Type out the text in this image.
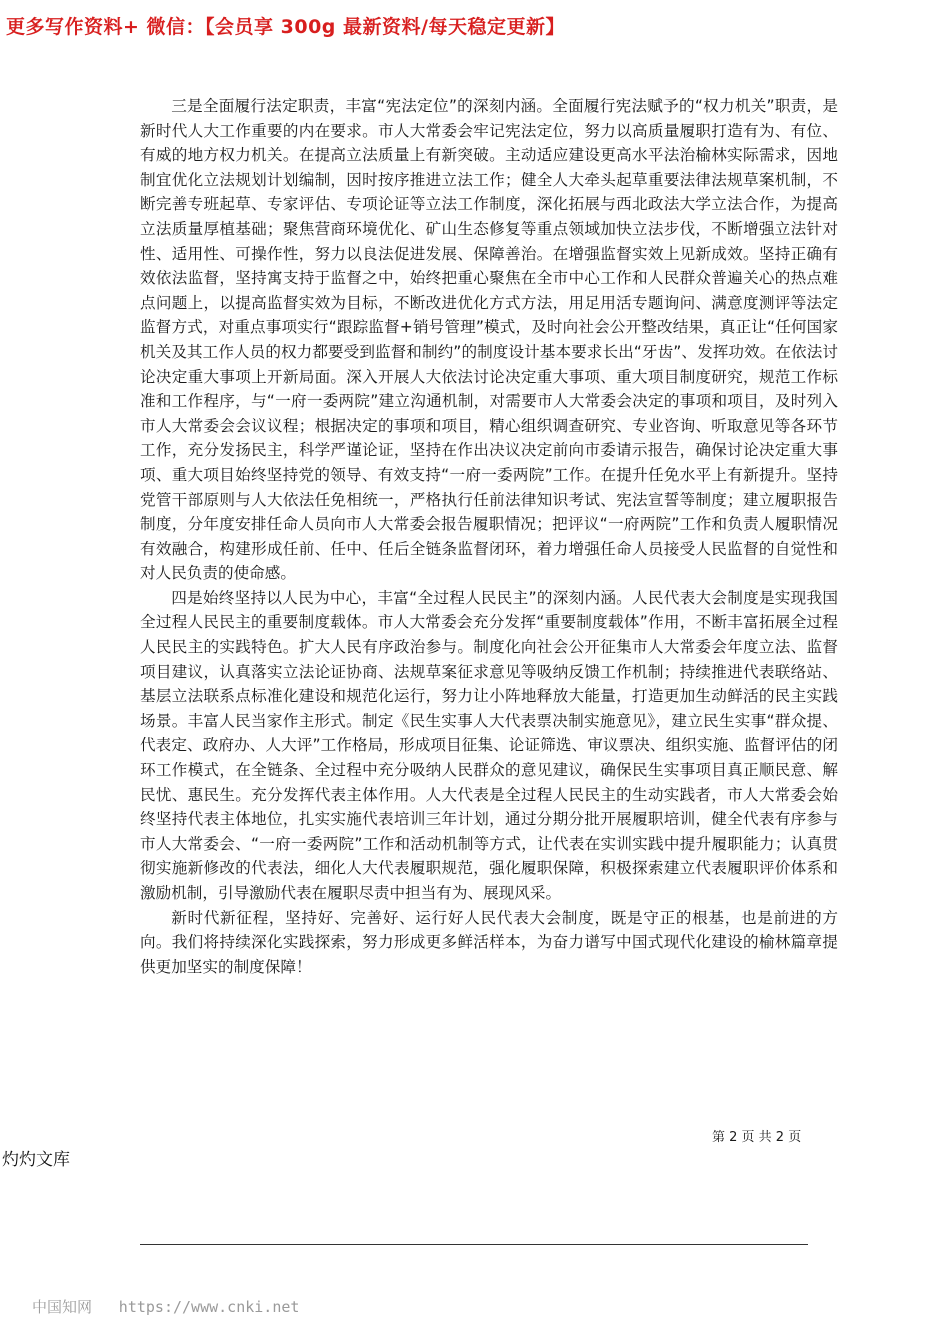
更多写作资料+ 微信：【会员享 300g 最新资料/每天稳定更新】

三是全面履行法定职责，丰富“宪法定位”的深刻内涵。全面履行宪法赋予的“权力机关”职责，是新时代人大工作重要的内在要求。市人大常委会牢记宪法定位，努力以高质量履职打造有为、有位、有威的地方权力机关。在提高立法质量上有新突破。主动适应建设更高水平法治榆林实际需求，因地制宜优化立法规划计划编制，因时按序推进立法工作；健全人大牵头起草重要法律法规草案机制，不断完善专班起草、专家评估、专项论证等立法工作制度，深化拓展与西北政法大学立法合作，为提高立法质量厚植基础；聚焦营商环境优化、矿山生态修复等重点领域加快立法步伐，不断增强立法针对性、适用性、可操作性，努力以良法促进发展、保障善治。在增强监督实效上见新成效。坚持正确有效依法监督，坚持寓支持于监督之中，始终把重心聚焦在全市中心工作和人民群众普遍关心的热点难点问题上，以提高监督实效为目标，不断改进优化方式方法，用足用活专题询问、满意度测评等法定监督方式，对重点事项实行“跟踪监督+销号管理”模式，及时向社会公开整改结果，真正让“任何国家机关及其工作人员的权力都要受到监督和制约”的制度设计基本要求长出“牙齿”、发挥功效。在依法讨论决定重大事项上开新局面。深入开展人大依法讨论决定重大事项、重大项目制度研究，规范工作标准和工作程序，与“一府一委两院”建立沟通机制，对需要市人大常委会决定的事项和项目，及时列入市人大常委会会议议程；根据决定的事项和项目，精心组织调查研究、专业咨询、听取意见等各环节工作，充分发扬民主，科学严谨论证，坚持在作出决议决定前向市委请示报告，确保讨论决定重大事项、重大项目始终坚持党的领导、有效支持“一府一委两院”工作。在提升任免水平上有新提升。坚持党管干部原则与人大依法任免相统一，严格执行任前法律知识考试、宪法宣誓等制度；建立履职报告制度，分年度安排任命人员向市人大常委会报告履职情况；把评议“一府两院”工作和负责人履职情况有效融合，构建形成任前、任中、任后全链条监督闭环，着力增强任命人员接受人民监督的自觉性和对人民负责的使命感。

四是始终坚持以人民为中心，丰富“全过程人民民主”的深刻内涵。人民代表大会制度是实现我国全过程人民民主的重要制度载体。市人大常委会充分发挥“重要制度载体”作用，不断丰富拓展全过程人民民主的实践特色。扩大人民有序政治参与。制度化向社会公开征集市人大常委会年度立法、监督项目建议，认真落实立法论证协商、法规草案征求意见等吸纳反馈工作机制；持续推进代表联络站、基层立法联系点标准化建设和规范化运行，努力让小阵地释放大能量，打造更加生动鲜活的民主实践场景。丰富人民当家作主形式。制定《民生实事人大代表票决制实施意见》，建立民生实事“群众提、代表定、政府办、人大评”工作格局，形成项目征集、论证筛选、审议票决、组织实施、监督评估的闭环工作模式，在全链条、全过程中充分吸纳人民群众的意见建议，确保民生实事项目真正顺民意、解民忧、惠民生。充分发挥代表主体作用。人大代表是全过程人民民主的生动实践者，市人大常委会始终坚持代表主体地位，扎实实施代表培训三年计划，通过分期分批开展履职培训，健全代表有序参与市人大常委会、“一府一委两院”工作和活动机制等方式，让代表在实训实践中提升履职能力；认真贯彻实施新修改的代表法，细化人大代表履职规范，强化履职保障，积极探索建立代表履职评价体系和激励机制，引导激励代表在履职尽责中担当有为、展现风采。

新时代新征程，坚持好、完善好、运行好人民代表大会制度，既是守正的根基，也是前进的方向。我们将持续深化实践探索，努力形成更多鲜活样本，为奋力谱写中国式现代化建设的榆林篇章提供更加坚实的制度保障！

第 2 页 共 2 页
灼灼文库
中国知网 https://www.cnki.net
